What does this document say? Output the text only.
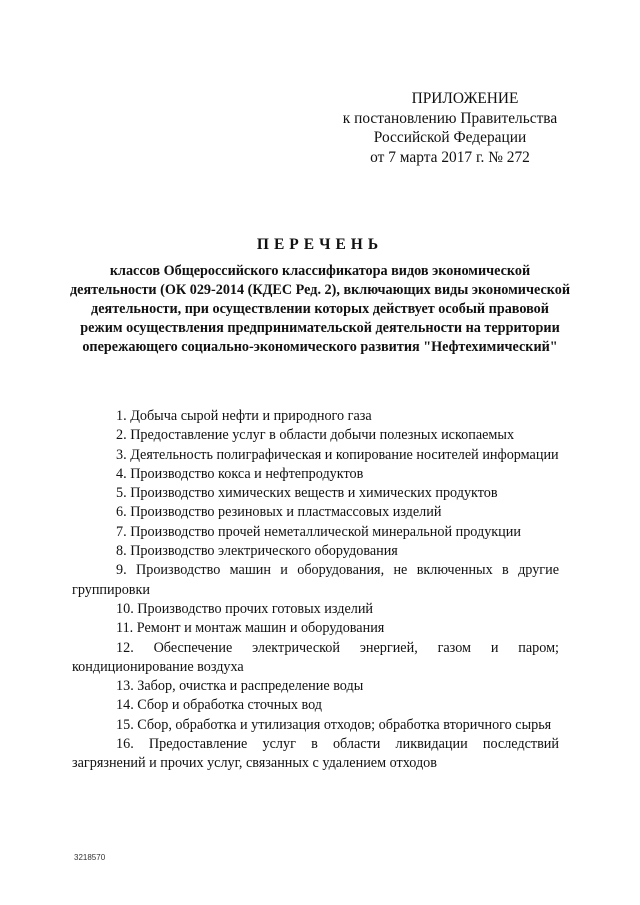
ПРИЛОЖЕНИЕ
к постановлению Правительства
Российской Федерации
от 7 марта 2017 г. № 272
ПЕРЕЧЕНЬ
классов Общероссийского классификатора видов экономической деятельности (ОК 029-2014 (КДЕС Ред. 2), включающих виды экономической деятельности, при осуществлении которых действует особый правовой режим осуществления предпринимательской деятельности на территории опережающего социально-экономического развития "Нефтехимический"
1. Добыча сырой нефти и природного газа
2. Предоставление услуг в области добычи полезных ископаемых
3. Деятельность полиграфическая и копирование носителей информации
4. Производство кокса и нефтепродуктов
5. Производство химических веществ и химических продуктов
6. Производство резиновых и пластмассовых изделий
7. Производство прочей неметаллической минеральной продукции
8. Производство электрического оборудования
9. Производство машин и оборудования, не включенных в другие группировки
10. Производство прочих готовых изделий
11. Ремонт и монтаж машин и оборудования
12. Обеспечение электрической энергией, газом и паром; кондиционирование воздуха
13. Забор, очистка и распределение воды
14. Сбор и обработка сточных вод
15. Сбор, обработка и утилизация отходов; обработка вторичного сырья
16. Предоставление услуг в области ликвидации последствий загрязнений и прочих услуг, связанных с удалением отходов
3218570
